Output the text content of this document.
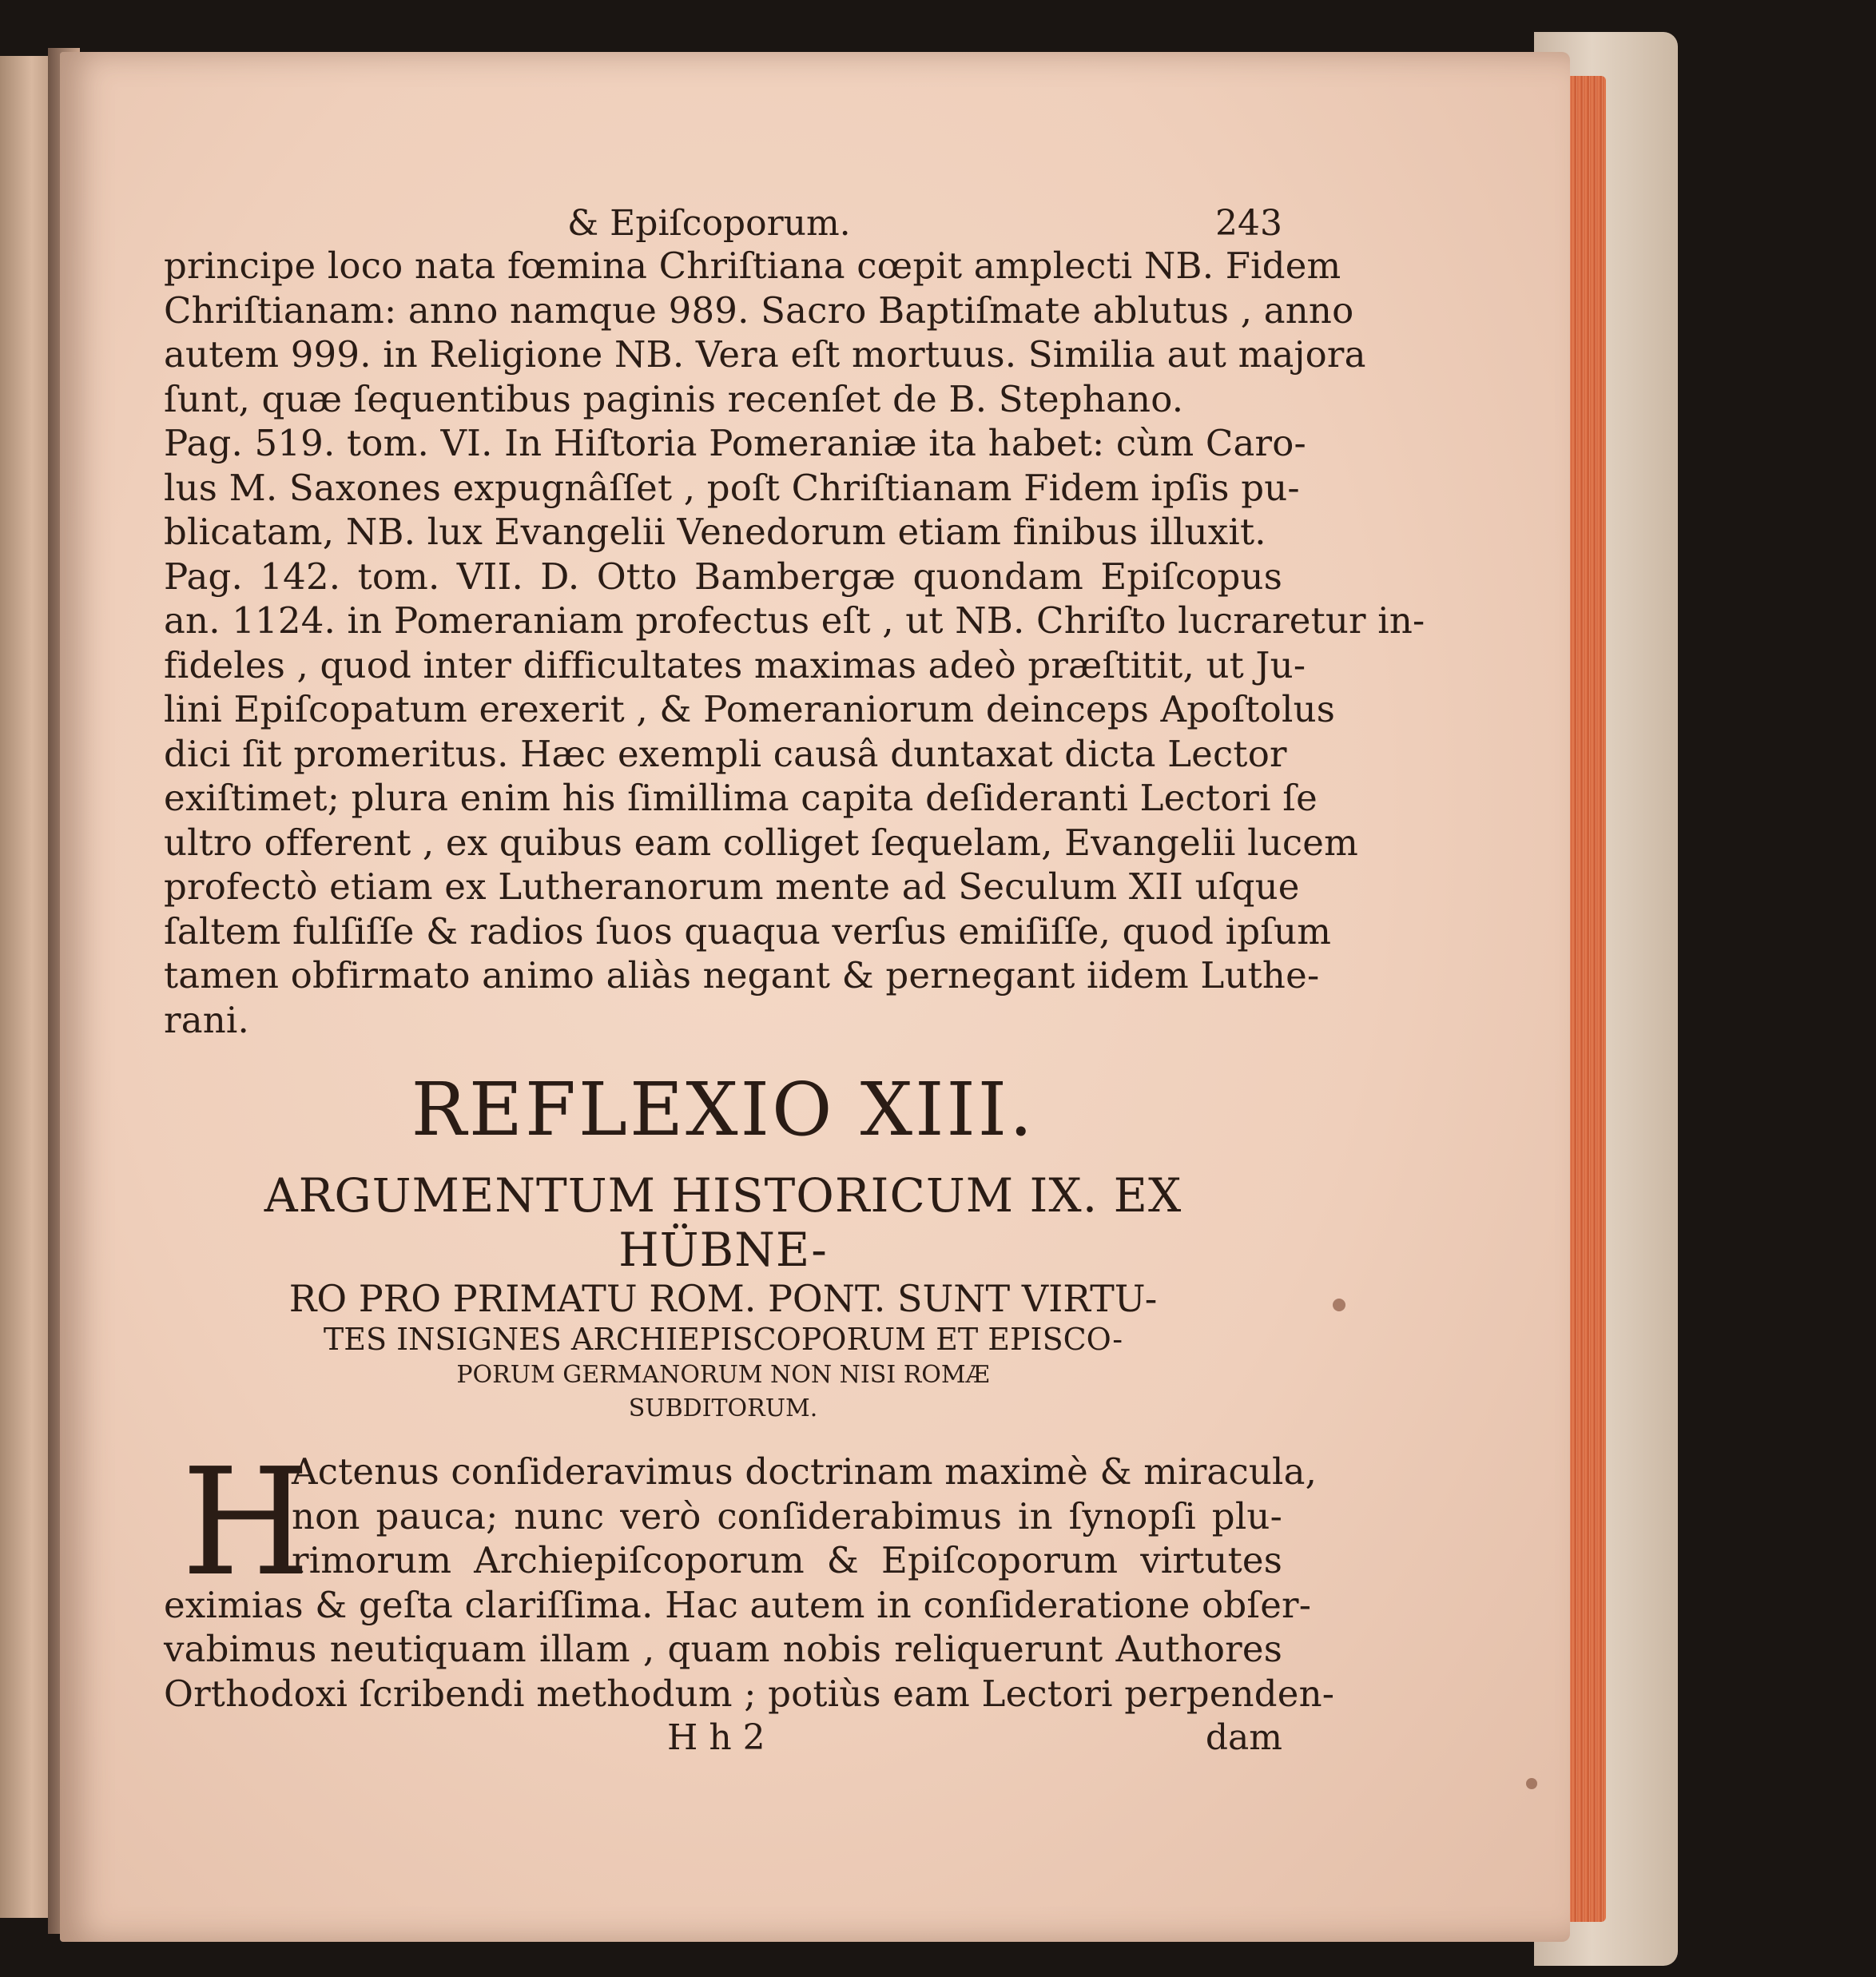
& Epiſcoporum.	243
principe loco nata fœmina Chriſtiana cœpit amplecti NB. Fidem
Chriſtianam: anno namque 989. Sacro Baptiſmate ablutus , anno
autem 999. in Religione NB. Vera eſt mortuus. Similia aut majora
ſunt, quæ ſequentibus paginis recenſet de B. Stephano.
Pag. 519. tom. VI. In Hiſtoria Pomeraniæ ita habet: cùm Caro-
lus M. Saxones expugnâſſet , poſt Chriſtianam Fidem ipſis pu-
blicatam, NB. lux Evangelii Venedorum etiam finibus illuxit.
Pag. 142. tom. VII. D. Otto Bambergæ quondam Epiſcopus
an. 1124. in Pomeraniam profectus eſt , ut NB. Chriſto lucraretur in-
fideles , quod inter difficultates maximas adeò præſtitit, ut Ju-
lini Epiſcopatum erexerit , & Pomeraniorum deinceps Apoſtolus
dici ſit promeritus. Hæc exempli causâ duntaxat dicta Lector
exiſtimet; plura enim his ſimillima capita deſideranti Lectori ſe
ultro offerent , ex quibus eam colliget ſequelam, Evangelii lucem
profectò etiam ex Lutheranorum mente ad Seculum XII uſque
ſaltem fulſiſſe & radios ſuos quaqua verſus emiſiſſe, quod ipſum
tamen obfirmato animo aliàs negant & pernegant iidem Luthe-
rani.
REFLEXIO XIII.
ARGUMENTUM HISTORICUM IX. EX HÜBNE-
RO PRO PRIMATU ROM. PONT. SUNT VIRTU-
TES INSIGNES ARCHIEPISCOPORUM ET EPISCO-
PORUM GERMANORUM NON NISI ROMÆ
SUBDITORUM.
H
Actenus conſideravimus doctrinam maximè & miracula,
non pauca; nunc verò conſiderabimus in ſynopſi plu-
rimorum Archiepiſcoporum & Epiſcoporum virtutes
eximias & geſta clariſſima. Hac autem in conſideratione obſer-
vabimus neutiquam illam , quam nobis reliquerunt Authores
Orthodoxi ſcribendi methodum ; potiùs eam Lectori perpenden-
H h 2	dam
